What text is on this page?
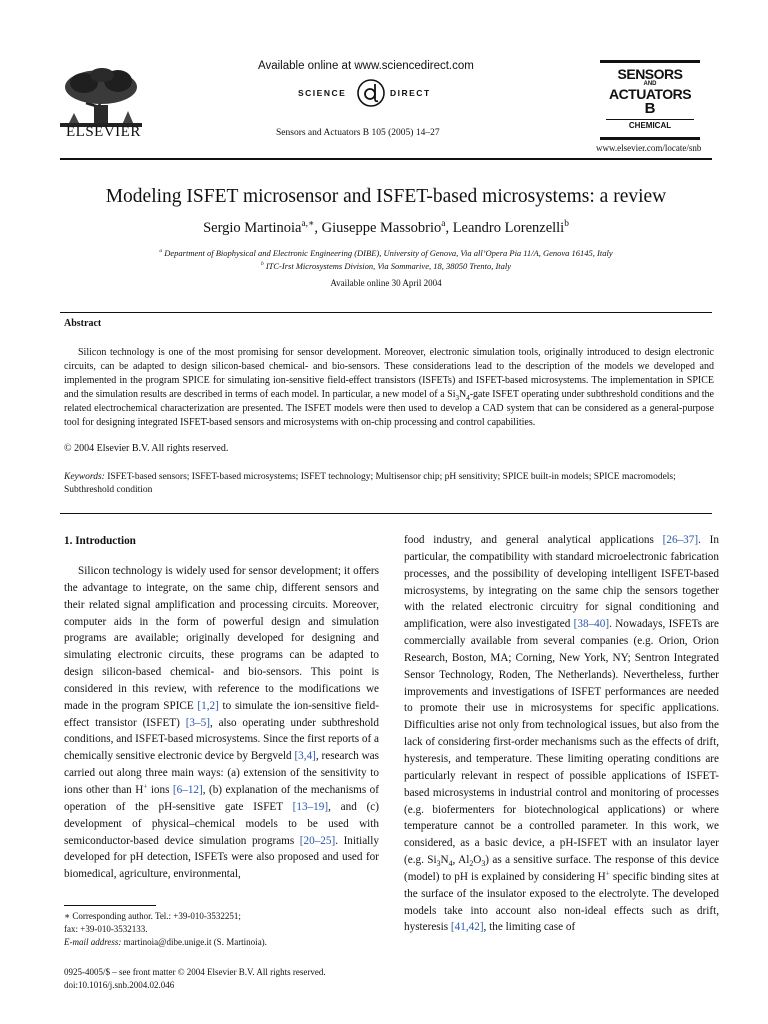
ELSEVIER
Available online at www.sciencedirect.com
SCIENCE	DIRECT
Sensors and Actuators B 105 (2005) 14–27
SENSORS
AND
ACTUATORS
B
CHEMICAL
www.elsevier.com/locate/snb
Modeling ISFET microsensor and ISFET-based microsystems: a review
Sergio Martinoia$^{a,∗}$, Giuseppe Massobrio$^a$, Leandro Lorenzelli$^b$
$^a$ Department of Biophysical and Electronic Engineering (DIBE), University of Genova, Via all’Opera Pia 11/A, Genova 16145, Italy
$^b$ ITC-Irst Microsystems Division, Via Sommarive, 18, 38050 Trento, Italy
Available online 30 April 2004
Abstract

Silicon technology is one of the most promising for sensor development. Moreover, electronic simulation tools, originally introduced to design electronic circuits, can be adapted to design silicon-based chemical- and bio-sensors. These considerations lead to the description of the models we developed and implemented in the program SPICE for simulating ion-sensitive field-effect transistors (ISFETs) and ISFET-based microsystems. The implementation in SPICE and the simulation results are described in terms of each model. In particular, a new model of a $Si_3N_4$-gate ISFET operating under subthreshold conditions and the related electrochemical characterization are presented. The ISFET models were then used to develop a CAD system that can be considered as a general-purpose tool for designing integrated ISFET-based sensors and microsystems with on-chip processing and control capabilities.

© 2004 Elsevier B.V. All rights reserved.
Keywords: ISFET-based sensors; ISFET-based microsystems; ISFET technology; Multisensor chip; pH sensitivity; SPICE built-in models; SPICE macromodels; Subthreshold condition
1. Introduction

Silicon technology is widely used for sensor development; it offers the advantage to integrate, on the same chip, different sensors and their related signal amplification and processing circuits. Moreover, computer aids in the form of powerful design and simulation programs are available; originally developed for designing and simulating electronic circuits, these programs can be adapted to design silicon-based chemical- and bio-sensors. This point is considered in this review, with reference to the modifications we made in the program SPICE [1,2] to simulate the ion-sensitive field-effect transistor (ISFET) [3–5], also operating under subthreshold conditions, and ISFET-based microsystems. Since the first reports of a chemically sensitive electronic device by Bergveld [3,4], research was carried out along three main ways: (a) extension of the sensitivity to ions other than H+ ions [6–12], (b) explanation of the mechanisms of operation of the pH-sensitive gate ISFET [13–19], and (c) development of physical–chemical models to be used with semiconductor-based device simulation programs [20–25]. Initially developed for pH detection, ISFETs were also proposed and used for biomedical, agriculture, environmental,

food industry, and general analytical applications [26–37]. In particular, the compatibility with standard microelectronic fabrication processes, and the possibility of developing intelligent ISFET-based microsystems, by integrating on the same chip the sensors together with the related electronic circuitry for signal conditioning and amplification, were also investigated [38–40]. Nowadays, ISFETs are commercially available from several companies (e.g. Orion, Orion Research, Boston, MA; Corning, New York, NY; Sentron Integrated Sensor Technology, Roden, The Netherlands). Nevertheless, further improvements and investigations of ISFET performances are needed to promote their use in microsystems for specific applications. Difficulties arise not only from technological issues, but also from the lack of considering first-order mechanisms such as the effects of drift, hysteresis, and temperature. These limiting operating conditions are particularly relevant in respect of possible applications of ISFET-based microsystems in industrial control and monitoring of processes (e.g. biofermenters for biotechnological applications) or where temperature cannot be a controlled parameter. In this work, we considered, as a basic device, a pH-ISFET with an insulator layer (e.g. $Si_3N_4$, $Al_2O_3$) as a sensitive surface. The response of this device (model) to pH is explained by considering H+ specific binding sites at the surface of the insulator exposed to the electrolyte. The developed models take into account also non-ideal effects such as drift, hysteresis [41,42], the limiting case of

∗ Corresponding author. Tel.: +39-010-3532251;
fax: +39-010-3532133.
E-mail address: martinoia@dibe.unige.it (S. Martinoia).
0925-4005/$ – see front matter © 2004 Elsevier B.V. All rights reserved.
doi:10.1016/j.snb.2004.02.046
